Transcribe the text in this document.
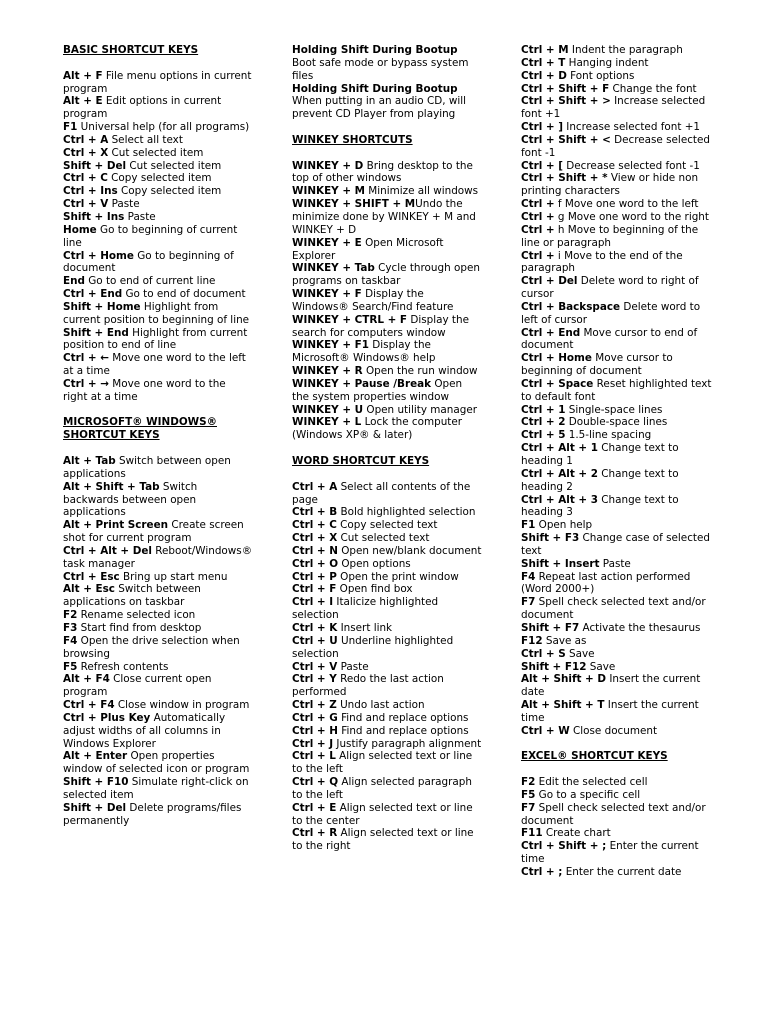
BASIC SHORTCUT KEYS
Alt + F File menu options in current program
Alt + E Edit options in current program
F1 Universal help (for all programs)
Ctrl + A Select all text
Ctrl + X Cut selected item
Shift + Del Cut selected item
Ctrl + C Copy selected item
Ctrl + Ins Copy selected item
Ctrl + V Paste
Shift + Ins Paste
Home Go to beginning of current line
Ctrl + Home Go to beginning of document
End Go to end of current line
Ctrl + End Go to end of document
Shift + Home Highlight from current position to beginning of line
Shift + End Highlight from current position to end of line
Ctrl + ← Move one word to the left at a time
Ctrl + → Move one word to the right at a time
MICROSOFT® WINDOWS® SHORTCUT KEYS
Alt + Tab Switch between open applications
Alt + Shift + Tab Switch backwards between open applications
Alt + Print Screen Create screen shot for current program
Ctrl + Alt + Del Reboot/Windows® task manager
Ctrl + Esc Bring up start menu
Alt + Esc Switch between applications on taskbar
F2 Rename selected icon
F3 Start find from desktop
F4 Open the drive selection when browsing
F5 Refresh contents
Alt + F4 Close current open program
Ctrl + F4 Close window in program
Ctrl + Plus Key Automatically adjust widths of all columns in Windows Explorer
Alt + Enter Open properties window of selected icon or program
Shift + F10 Simulate right-click on selected item
Shift + Del Delete programs/files permanently
Holding Shift During Bootup
Boot safe mode or bypass system files
Holding Shift During Bootup
When putting in an audio CD, will prevent CD Player from playing
WINKEY SHORTCUTS
WINKEY + D Bring desktop to the top of other windows
WINKEY + M Minimize all windows
WINKEY + SHIFT + MUndo the minimize done by WINKEY + M and WINKEY + D
WINKEY + E Open Microsoft Explorer
WINKEY + Tab Cycle through open programs on taskbar
WINKEY + F Display the Windows® Search/Find feature
WINKEY + CTRL + F Display the search for computers window
WINKEY + F1 Display the Microsoft® Windows® help
WINKEY + R Open the run window
WINKEY + Pause /Break Open the system properties window
WINKEY + U Open utility manager
WINKEY + L Lock the computer (Windows XP® & later)
WORD SHORTCUT KEYS
Ctrl + A Select all contents of the page
Ctrl + B Bold highlighted selection
Ctrl + C Copy selected text
Ctrl + X Cut selected text
Ctrl + N Open new/blank document
Ctrl + O Open options
Ctrl + P Open the print window
Ctrl + F Open find box
Ctrl + I Italicize highlighted selection
Ctrl + K Insert link
Ctrl + U Underline highlighted selection
Ctrl + V Paste
Ctrl + Y Redo the last action performed
Ctrl + Z Undo last action
Ctrl + G Find and replace options
Ctrl + H Find and replace options
Ctrl + J Justify paragraph alignment
Ctrl + L Align selected text or line to the left
Ctrl + Q Align selected paragraph to the left
Ctrl + E Align selected text or line to the center
Ctrl + R Align selected text or line to the right
Ctrl + M Indent the paragraph
Ctrl + T Hanging indent
Ctrl + D Font options
Ctrl + Shift + F Change the font
Ctrl + Shift + > Increase selected font +1
Ctrl + ] Increase selected font +1
Ctrl + Shift + < Decrease selected font -1
Ctrl + [ Decrease selected font -1
Ctrl + Shift + * View or hide non printing characters
Ctrl + f Move one word to the left
Ctrl + g Move one word to the right
Ctrl + h Move to beginning of the line or paragraph
Ctrl + i Move to the end of the paragraph
Ctrl + Del Delete word to right of cursor
Ctrl + Backspace Delete word to left of cursor
Ctrl + End Move cursor to end of document
Ctrl + Home Move cursor to beginning of document
Ctrl + Space Reset highlighted text to default font
Ctrl + 1 Single-space lines
Ctrl + 2 Double-space lines
Ctrl + 5 1.5-line spacing
Ctrl + Alt + 1 Change text to heading 1
Ctrl + Alt + 2 Change text to heading 2
Ctrl + Alt + 3 Change text to heading 3
F1 Open help
Shift + F3 Change case of selected text
Shift + Insert Paste
F4 Repeat last action performed (Word 2000+)
F7 Spell check selected text and/or document
Shift + F7 Activate the thesaurus
F12 Save as
Ctrl + S Save
Shift + F12 Save
Alt + Shift + D Insert the current date
Alt + Shift + T Insert the current time
Ctrl + W Close document
EXCEL® SHORTCUT KEYS
F2 Edit the selected cell
F5 Go to a specific cell
F7 Spell check selected text and/or document
F11 Create chart
Ctrl + Shift + ; Enter the current time
Ctrl + ; Enter the current date
